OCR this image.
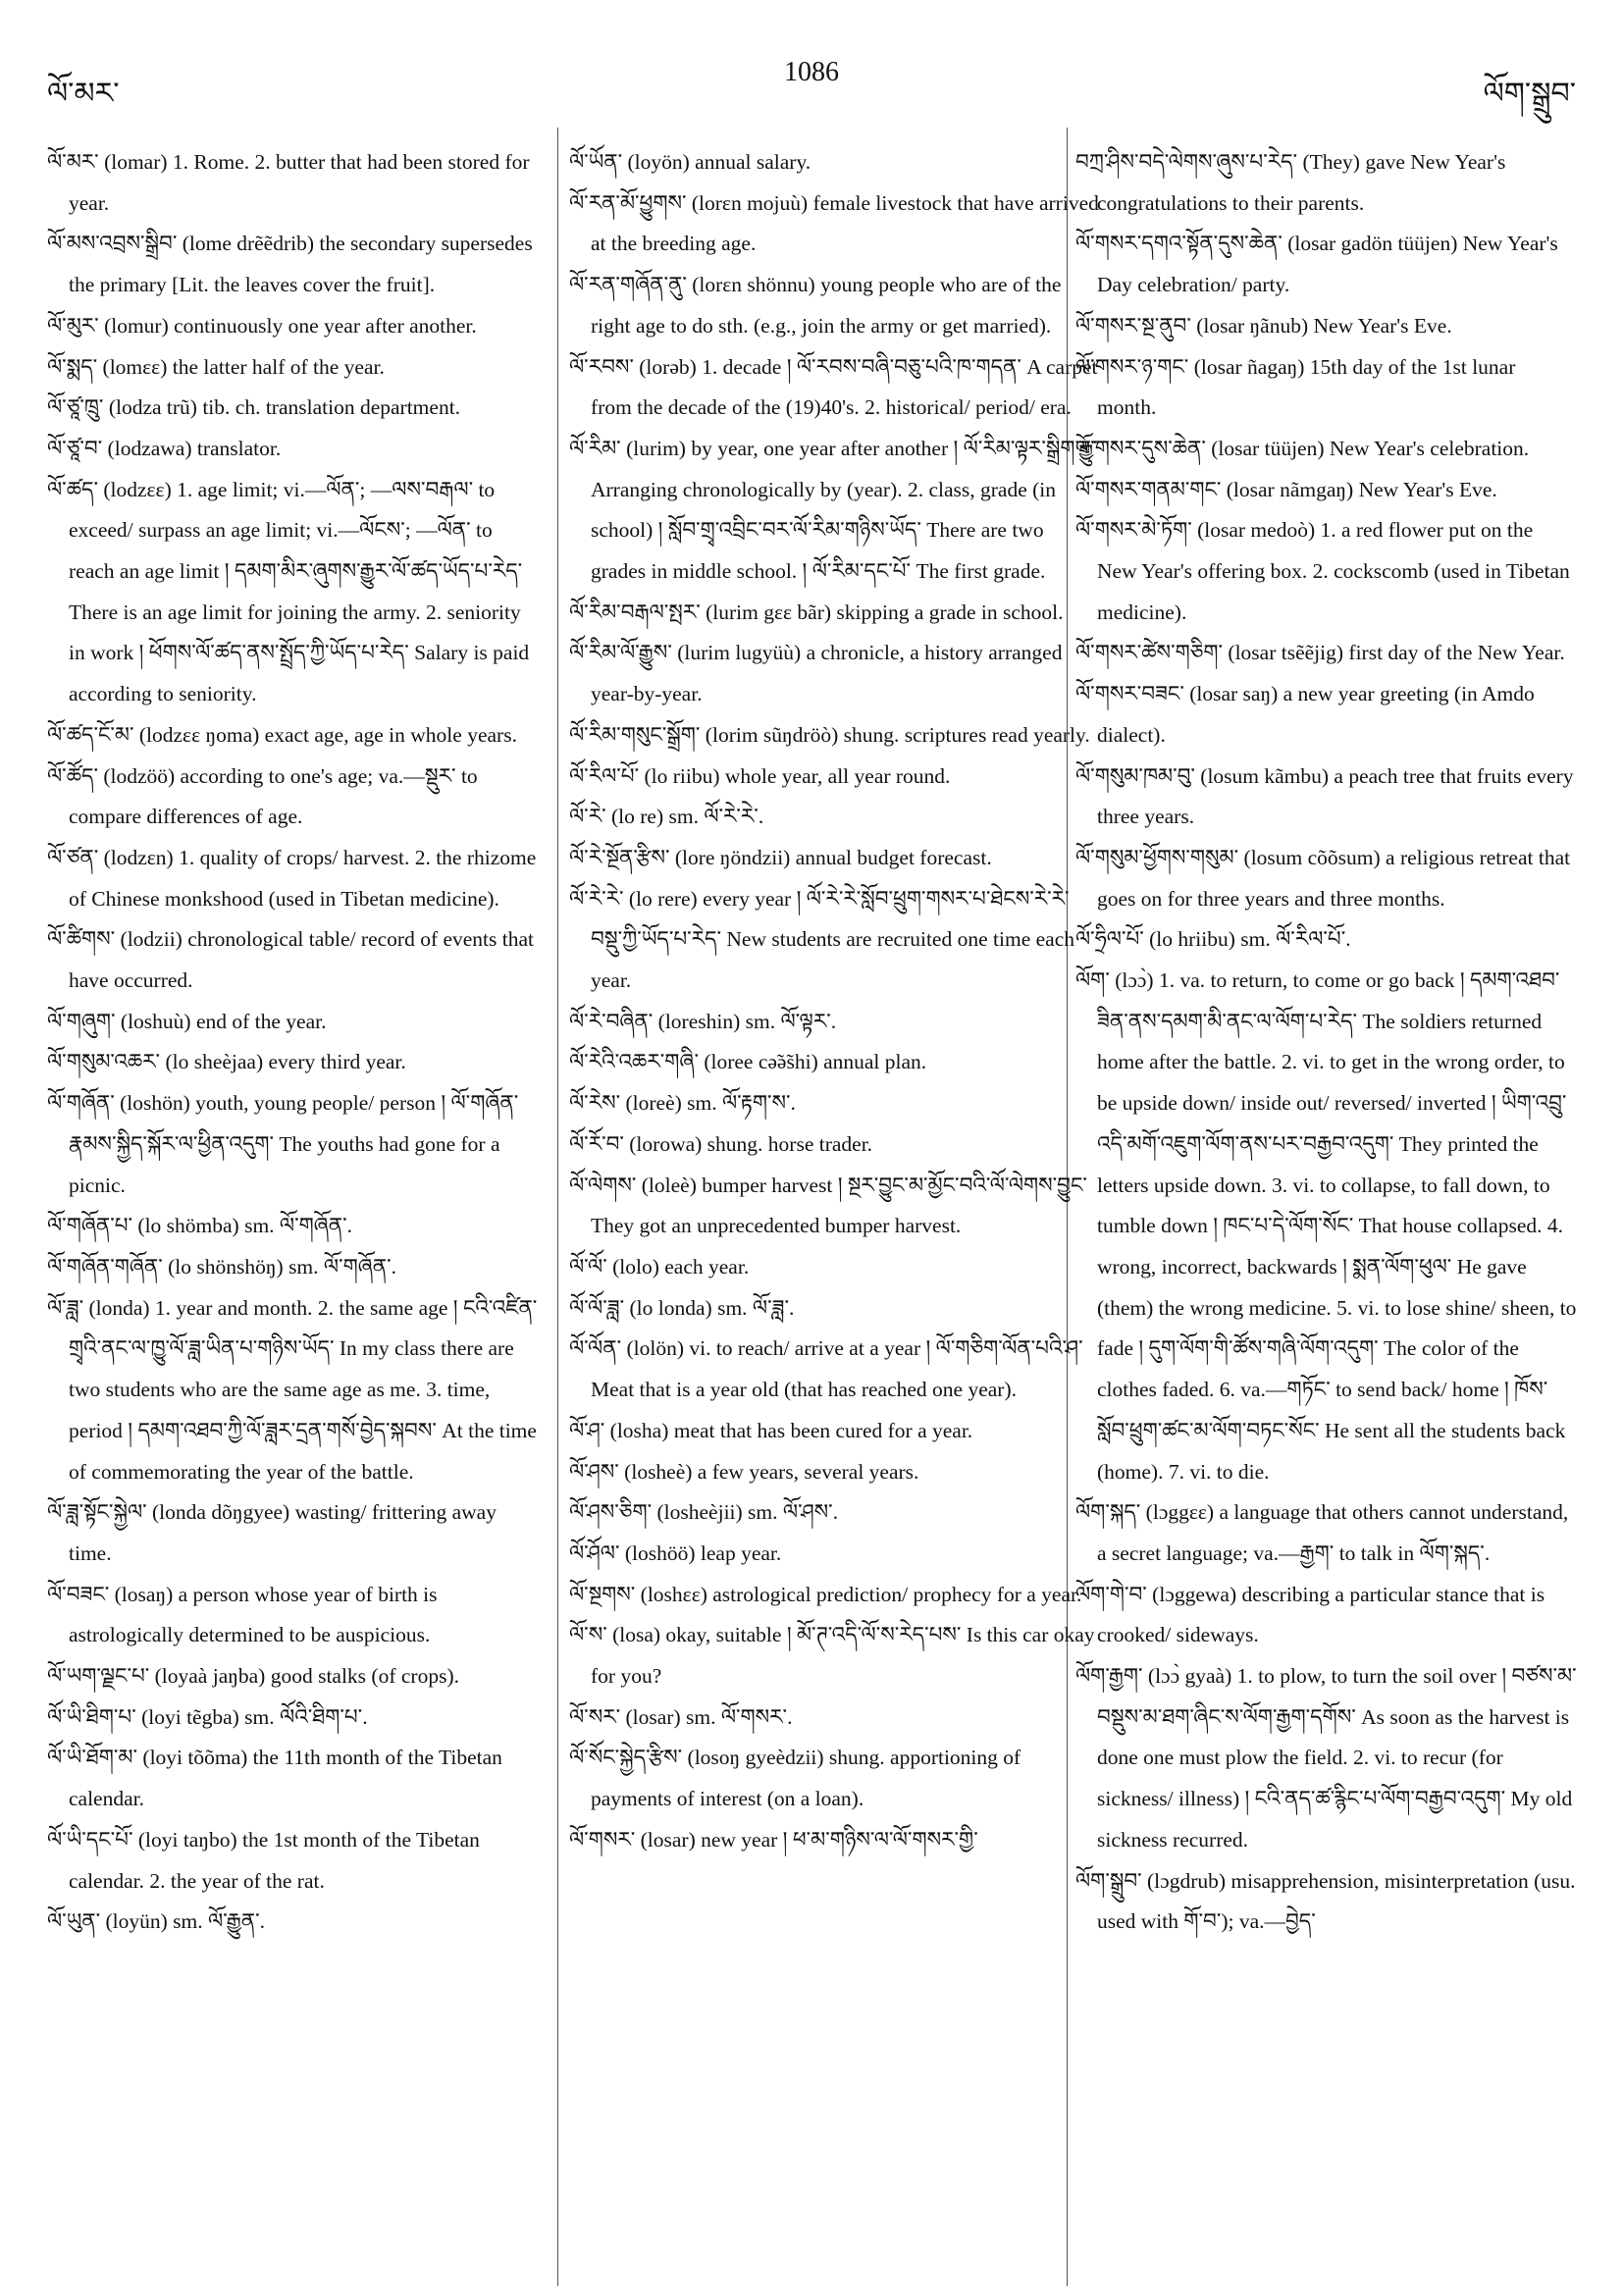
ལོ་མར་
1086
ལོག་སྒྲུབ་

ལོ་མར་ (lomar) 1. Rome. 2. butter that had been stored for year.

ལོ་མས་འབྲས་སྒྲིབ་ (lome drẽẽdrib) the secondary supersedes the primary [Lit. the leaves cover the fruit].

ལོ་མུར་ (lomur) continuously one year after another.

ལོ་སྨད་ (lomεε) the latter half of the year.

ལོ་ཙཱ་ཁྲུ་ (lodza trũ) tib. ch. translation department.

ལོ་ཙཱ་བ་ (lodzawa) translator.

ལོ་ཚད་ (lodzεε) 1. age limit; vi.—ལོན་; —ལས་བརྒལ་ to exceed/ surpass an age limit; vi.—ལོངས་; —ལོན་ to reach an age limit ། དམག་མིར་ཞུགས་རྒྱུར་ལོ་ཚད་ཡོད་པ་རེད་ There is an age limit for joining the army. 2. seniority in work ། ཕོགས་ལོ་ཚད་ནས་སྤྲོད་ཀྱི་ཡོད་པ་རེད་ Salary is paid according to seniority.

ལོ་ཚད་ངོ་མ་ (lodzεε ŋoma) exact age, age in whole years.

ལོ་ཚོད་ (lodzöö) according to one's age; va.—སྡུར་ to compare differences of age.

ལོ་ཙན་ (lodzεn) 1. quality of crops/ harvest. 2. the rhizome of Chinese monkshood (used in Tibetan medicine).

ལོ་ཚིགས་ (lodzii) chronological table/ record of events that have occurred.

ལོ་གཞུག་ (loshuù) end of the year.

ལོ་གསུམ་འཆར་ (lo sheèjaa) every third year.

ལོ་གཞོན་ (loshön) youth, young people/ person ། ལོ་གཞོན་རྣམས་སྐྱིད་སྐོར་ལ་ཕྱིན་འདུག་ The youths had gone for a picnic.

ལོ་གཞོན་པ་ (lo shömba) sm. ལོ་གཞོན་.

ལོ་གཞོན་གཞོན་ (lo shönshöŋ) sm. ལོ་གཞོན་.

ལོ་ཟླ་ (londa) 1. year and month. 2. the same age ། ངའི་འཛིན་གྲྭའི་ནང་ལ་ཁྱུ་ལོ་ཟླ་ཡིན་པ་གཉིས་ཡོད་ In my class there are two students who are the same age as me. 3. time, period ། དམག་འཐབ་ཀྱི་ལོ་ཟླར་དྲན་གསོ་བྱེད་སྐབས་ At the time of commemorating the year of the battle.

ལོ་ཟླ་སྟོང་སྐྱེལ་ (londa dõŋgyee) wasting/ frittering away time.

ལོ་བཟང་ (losaŋ) a person whose year of birth is astrologically determined to be auspicious.

ལོ་ཡག་ལྗང་པ་ (loyaà jaŋba) good stalks (of crops).

ལོ་ཡི་ཐིག་པ་ (loyi tẽgba) sm. ལོའི་ཐིག་པ་.

ལོ་ཡི་ཐོག་མ་ (loyi tõõma) the 11th month of the Tibetan calendar.

ལོ་ཡི་དང་པོ་ (loyi taŋbo) the 1st month of the Tibetan calendar. 2. the year of the rat.

ལོ་ཡུན་ (loyün) sm. ལོ་རྒྱུན་.

ལོ་ཡོན་ (loyön) annual salary.

ལོ་རན་མོ་ཕྱུགས་ (lorεn mojuù) female livestock that have arrived at the breeding age.

ལོ་རན་གཞོན་ནུ་ (lorεn shönnu) young people who are of the right age to do sth. (e.g., join the army or get married).

ལོ་རབས་ (lorəb) 1. decade ། ལོ་རབས་བཞི་བཅུ་པའི་ཁ་གདན་ A carpet from the decade of the (19)40's. 2. historical/ period/ era.

ལོ་རིམ་ (lurim) by year, one year after another ། ལོ་རིམ་ལྟར་སྒྲིག་རྒྱུ་ Arranging chronologically by (year). 2. class, grade (in school) ། སློབ་གྲྭ་འབྲིང་བར་ལོ་རིམ་གཉིས་ཡོད་ There are two grades in middle school. ། ལོ་རིམ་དང་པོ་ The first grade.

ལོ་རིམ་བརྒལ་སྤར་ (lurim gεε bãr) skipping a grade in school.

ལོ་རིམ་ལོ་རྒྱུས་ (lurim lugyüù) a chronicle, a history arranged year-by-year.

ལོ་རིམ་གསུང་སྒྲོག་ (lorim sũŋdröò) shung. scriptures read yearly.

ལོ་རིལ་པོ་ (lo riibu) whole year, all year round.

ལོ་རེ་ (lo re) sm. ལོ་རེ་རེ་.

ལོ་རེ་སྔོན་རྩིས་ (lore ŋöndzii) annual budget forecast.

ལོ་རེ་རེ་ (lo rere) every year ། ལོ་རེ་རེ་སློབ་ཕྲུག་གསར་པ་ཐེངས་རེ་རེ་བསྡུ་ཀྱི་ཡོད་པ་རེད་ New students are recruited one time each year.

ལོ་རེ་བཞིན་ (loreshin) sm. ལོ་ལྟར་.

ལོ་རེའི་འཆར་གཞི་ (loree cə̃ə̃shi) annual plan.

ལོ་རེས་ (loreè) sm. ལོ་རྟག་ས་.

ལོ་རོ་བ་ (lorowa) shung. horse trader.

ལོ་ལེགས་ (loleè) bumper harvest ། སྔར་བྱུང་མ་མྱོང་བའི་ལོ་ལེགས་བྱུང་ They got an unprecedented bumper harvest.

ལོ་ལོ་ (lolo) each year.

ལོ་ལོ་ཟླ་ (lo londa) sm. ལོ་ཟླ་.

ལོ་ལོན་ (lolön) vi. to reach/ arrive at a year ། ལོ་གཅིག་ལོན་པའི་ཤ་ Meat that is a year old (that has reached one year).

ལོ་ཤ་ (losha) meat that has been cured for a year.

ལོ་ཤས་ (losheè) a few years, several years.

ལོ་ཤས་ཅིག་ (losheèjii) sm. ལོ་ཤས་.

ལོ་ཤོལ་ (loshöö) leap year.

ལོ་སྔགས་ (loshεε) astrological prediction/ prophecy for a year.

ལོ་ས་ (losa) okay, suitable ། མོ་ཊ་འདི་ལོ་ས་རེད་པས་ Is this car okay for you?

ལོ་སར་ (losar) sm. ལོ་གསར་.

ལོ་སོང་སྐྱེད་རྩིས་ (losoŋ gyeèdzii) shung. apportioning of payments of interest (on a loan).

ལོ་གསར་ (losar) new year ། ཕ་མ་གཉིས་ལ་ལོ་གསར་གྱི་

བཀྲ་ཤིས་བདེ་ལེགས་ཞུས་པ་རེད་ (They) gave New Year's congratulations to their parents.

ལོ་གསར་དགའ་སྟོན་དུས་ཆེན་ (losar gadön tüüjen) New Year's Day celebration/ party.

ལོ་གསར་སྔ་ནུབ་ (losar ŋãnub) New Year's Eve.

ལོ་གསར་ཉ་གང་ (losar ñagaŋ) 15th day of the 1st lunar month.

ལོ་གསར་དུས་ཆེན་ (losar tüüjen) New Year's celebration.

ལོ་གསར་གནམ་གང་ (losar nãmgaŋ) New Year's Eve.

ལོ་གསར་མེ་ཏོག་ (losar medoò) 1. a red flower put on the New Year's offering box. 2. cockscomb (used in Tibetan medicine).

ལོ་གསར་ཚེས་གཅིག་ (losar tsẽẽjig) first day of the New Year.

ལོ་གསར་བཟང་ (losar saŋ) a new year greeting (in Amdo dialect).

ལོ་གསུམ་ཁམ་བུ་ (losum kãmbu) a peach tree that fruits every three years.

ལོ་གསུམ་ཕྱོགས་གསུམ་ (losum cõõsum) a religious retreat that goes on for three years and three months.

ལོ་ཧྲིལ་པོ་ (lo hriibu) sm. ལོ་རིལ་པོ་.

ལོག་ (lɔɔ̀) 1. va. to return, to come or go back ། དམག་འཐབ་ཟིན་ནས་དམག་མི་ནང་ལ་ལོག་པ་རེད་ The soldiers returned home after the battle. 2. vi. to get in the wrong order, to be upside down/ inside out/ reversed/ inverted ། ཡིག་འབྲུ་འདི་མགོ་འཇུག་ལོག་ནས་པར་བརྒྱབ་འདུག་ They printed the letters upside down. 3. vi. to collapse, to fall down, to tumble down ། ཁང་པ་དེ་ལོག་སོང་ That house collapsed. 4. wrong, incorrect, backwards ། སྨན་ལོག་ཕུལ་ He gave (them) the wrong medicine. 5. vi. to lose shine/ sheen, to fade ། དུག་ལོག་གི་ཚོས་གཞི་ལོག་འདུག་ The color of the clothes faded. 6. va.—གཏོང་ to send back/ home ། ཁོས་སློབ་ཕྲུག་ཚང་མ་ལོག་བཏང་སོང་ He sent all the students back (home). 7. vi. to die.

ལོག་སྐད་ (lɔggεε) a language that others cannot understand, a secret language; va.—རྒྱག་ to talk in ལོག་སྐད་.

ལོག་གེ་བ་ (lɔggewa) describing a particular stance that is crooked/ sideways.

ལོག་རྒྱག་ (lɔɔ̀ gyaà) 1. to plow, to turn the soil over ། བཙས་མ་བསྡུས་མ་ཐག་ཞིང་ས་ལོག་རྒྱག་དགོས་ As soon as the harvest is done one must plow the field. 2. vi. to recur (for sickness/ illness) ། ངའི་ནད་ཚ་རྙིང་པ་ལོག་བརྒྱབ་འདུག་ My old sickness recurred.

ལོག་སྒྲུབ་ (lɔgdrub) misapprehension, misinterpretation (usu. used with གོ་བ་); va.—བྱེད་
